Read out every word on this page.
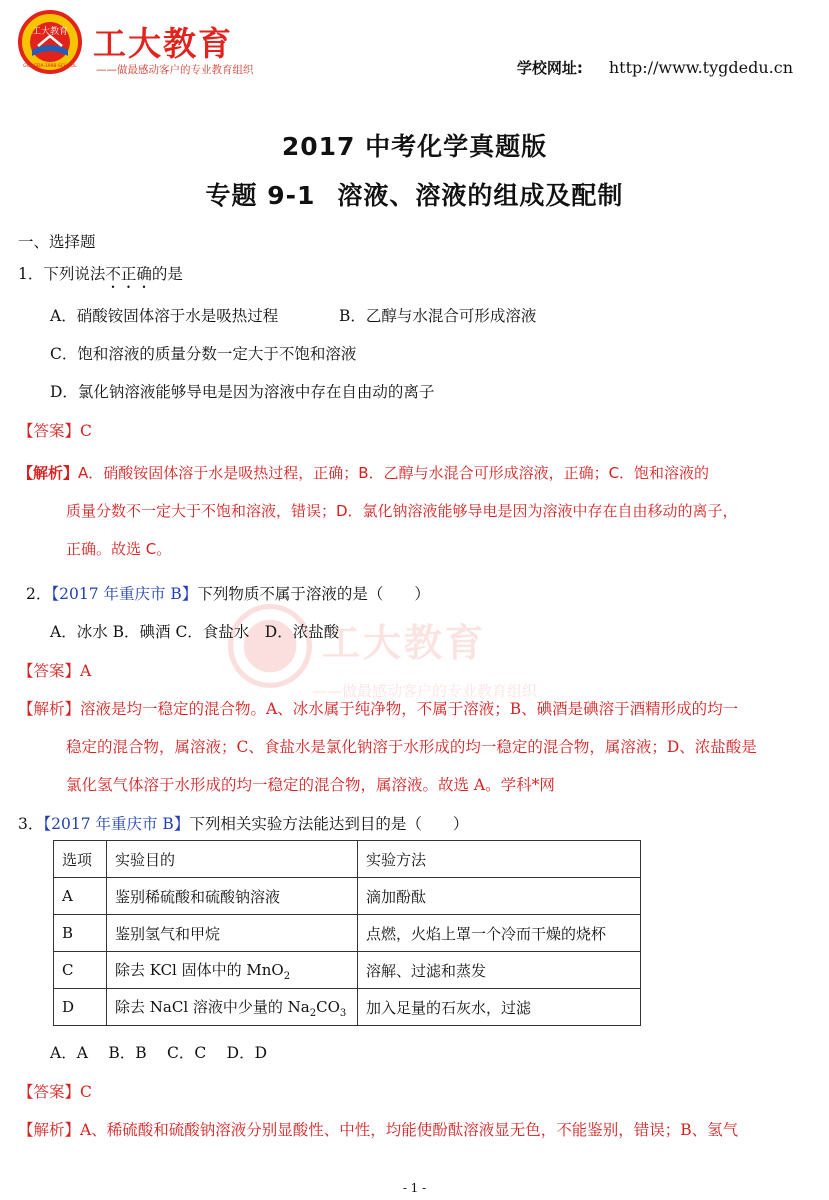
工大教育
GONGDA·1998·SCHOOL
工大教育
——做最感动客户的专业教育组织	学校网址: http://www.tygdedu.cn
2017 中考化学真题版
专题 9-1 溶液、溶液的组成及配制
一、选择题
1．下列说法不正确的是
A．硝酸铵固体溶于水是吸热过程	B．乙醇与水混合可形成溶液
C．饱和溶液的质量分数一定大于不饱和溶液
D．氯化钠溶液能够导电是因为溶液中存在自由动的离子
【答案】C
【解析】A．硝酸铵固体溶于水是吸热过程，正确；B．乙醇与水混合可形成溶液，正确；C．饱和溶液的
质量分数不一定大于不饱和溶液，错误；D．氯化钠溶液能够导电是因为溶液中存在自由移动的离子，
正确。故选 C。
工大教育
——做最感动客户的专业教育组织
2．【2017 年重庆市 B】下列物质不属于溶液的是（　　）
A．冰水 B．碘酒 C．食盐水　D．浓盐酸
【答案】A
【解析】溶液是均一稳定的混合物。A、冰水属于纯净物，不属于溶液；B、碘酒是碘溶于酒精形成的均一
稳定的混合物，属溶液；C、食盐水是氯化钠溶于水形成的均一稳定的混合物，属溶液；D、浓盐酸是
氯化氢气体溶于水形成的均一稳定的混合物，属溶液。故选 A。学科*网
3．【2017 年重庆市 B】下列相关实验方法能达到目的是（　　）
选项	实验目的	实验方法
A	鉴别稀硫酸和硫酸钠溶液	滴加酚酞
B	鉴别氢气和甲烷	点燃，火焰上罩一个冷而干燥的烧杯
C	除去 KCl 固体中的 MnO$_2$	溶解、过滤和蒸发
D	除去 NaCl 溶液中少量的 $Na_2CO_3$	加入足量的石灰水，过滤
A．A　 B．B　 C．C　 D．D
【答案】C
【解析】A、稀硫酸和硫酸钠溶液分别显酸性、中性，均能使酚酞溶液显无色，不能鉴别，错误；B、氢气
- 1 -
